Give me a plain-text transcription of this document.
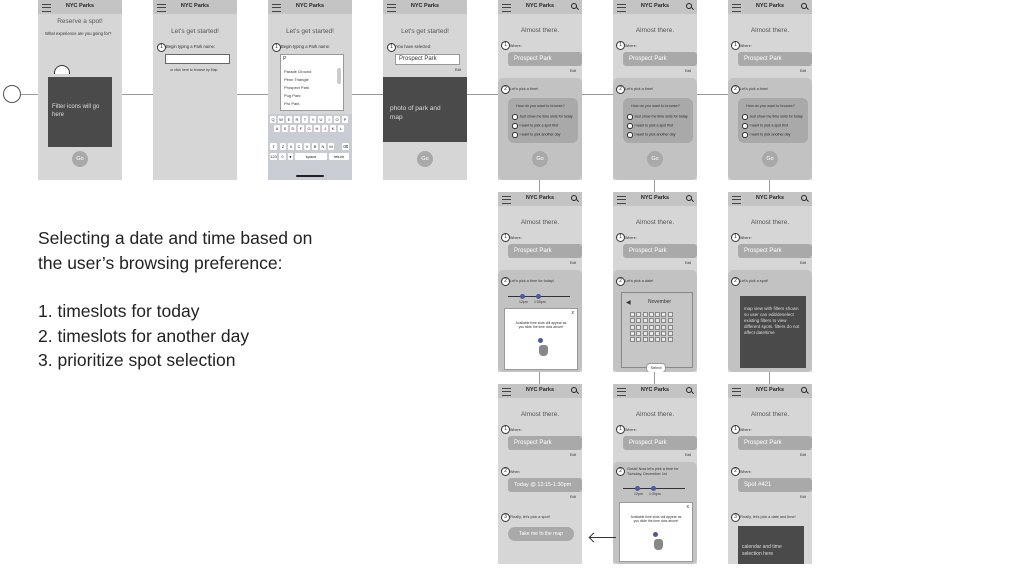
NYC Parks
Reserve a spot!
What experience are you going for?
Filter icons will go here
Go
NYC Parks
Let's get started!
1 Begin typing a Park name:
or click here to browse by Map
NYC Parks
Let's get started!
1 Begin typing a Park name:
P
Parade Ground
Penn Triangle
Prospect Park
Pug Park
Pro Park
Q	W	E	R	T	Y	U	I	O	P
A	S	D	F	G	H	J	K	L
Z	X	C	V	B	N	M
⇧	⌫
123 ☺	●	space	return
NYC Parks
Let's get started!
1 You have selected:
Prospect Park
Edit
photo of park and map
Go
NYC Parks
Almost there.
1 Where:
Prospect Park
Edit
2 Let's pick a time!
How do you want to browse?
Just show me time slots for today
I want to pick a spot first
I want to pick another day
Go
NYC Parks
Almost there.
1 Where:
Prospect Park
Edit
2 Let's pick a time!
How do you want to browse?
Just show me time slots for today
I want to pick a spot first
I want to pick another day
Go
NYC Parks
Almost there.
1 Where:
Prospect Park
Edit
2 Let's pick a time!
How do you want to browse?
Just show me time slots for today
I want to pick a spot first
I want to pick another day
Go
NYC Parks
Almost there.
1 Where:
Prospect Park
Edit
2 Let's pick a time for today!
12pm 1:30pm
x
Available time slots will appear as you slide the time dots above!
NYC Parks
Almost there.
1 Where:
Prospect Park
Edit
2 Let's pick a date!
◀	November
Select
NYC Parks
Almost there.
1 Where:
Prospect Park
Edit
2 Let's pick a spot!
map view with filters shown so user can edit/deselect existing filters to view different spots. filters do not affect date/time
NYC Parks
Almost there.
1 Where:
Prospect Park
Edit
2 When:
Today @ 12:15-1:30pm
Edit
3 Finally, let's pick a spot!
Take me to the map
NYC Parks
Almost there.
1 Where:
Prospect Park
Edit
2	Great! Now let's pick a time for Tuesday, December 1st
12pm 1:30pm
x
Available time slots will appear as you slide the time dots above!
NYC Parks
Almost there.
1 Where:
Prospect Park
Edit
2 Where:
Spot #421
Edit
3 Finally, let's pick a date and time!
calendar and time selection here
Selecting a date and time based on
the user’s browsing preference:
1. timeslots for today
2. timeslots for another day
3. prioritize spot selection
